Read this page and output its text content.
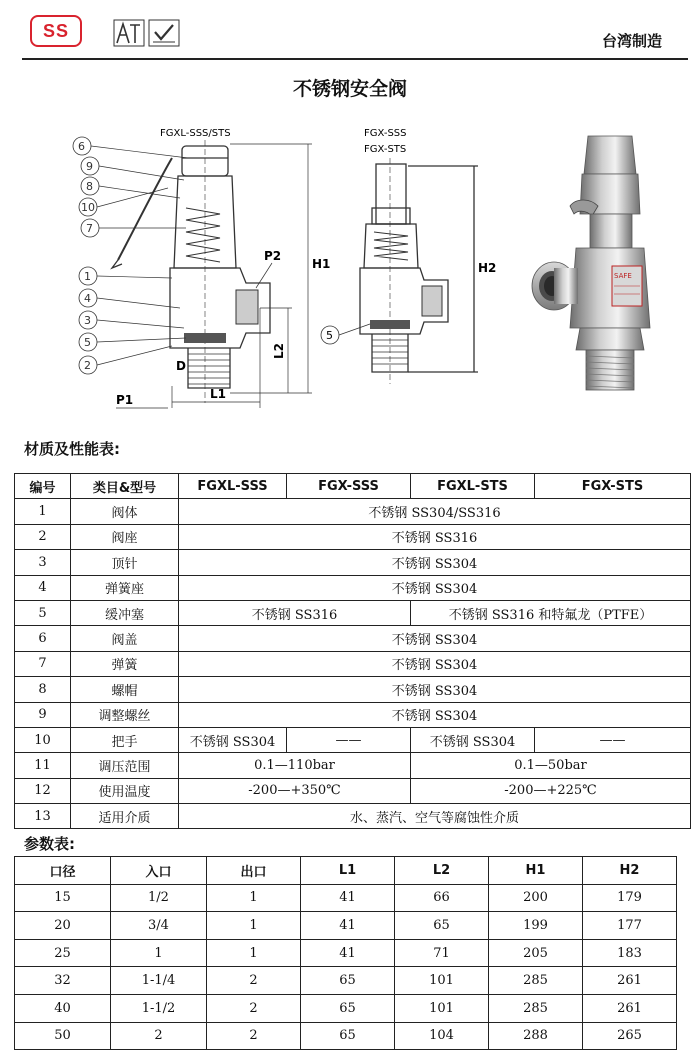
SS	台湾制造
不锈钢安全阀
FGXL-SSS/STS
6
9
8
10
7
1
4
3
5
2
H1
L2
L1
P2
D
P1
FGX-SSS
FGX-STS
5
H2
SAFE
材质及性能表:
编号	类目&型号	FGXL-SSS	FGX-SSS	FGXL-STS	FGX-STS
1	阀体	不锈钢 SS304/SS316			
2	阀座	不锈钢 SS316			
3	顶针	不锈钢 SS304			
4	弹簧座	不锈钢 SS304			
5	缓冲塞	不锈钢 SS316		不锈钢 SS316 和特氟龙（PTFE）	
6	阀盖	不锈钢 SS304			
7	弹簧	不锈钢 SS304			
8	螺帽	不锈钢 SS304			
9	调整螺丝	不锈钢 SS304			
10	把手	不锈钢 SS304	——	不锈钢 SS304	——
11	调压范围	0.1—110bar		0.1—50bar	
12	使用温度	-200—+350℃		-200—+225℃	
13	适用介质	水、蒸汽、空气等腐蚀性介质			
参数表:
口径	入口	出口	L1	L2	H1	H2
15	1/2	1	41	66	200	179
20	3/4	1	41	65	199	177
25	1	1	41	71	205	183
32	1-1/4	2	65	101	285	261
40	1-1/2	2	65	101	285	261
50	2	2	65	104	288	265
